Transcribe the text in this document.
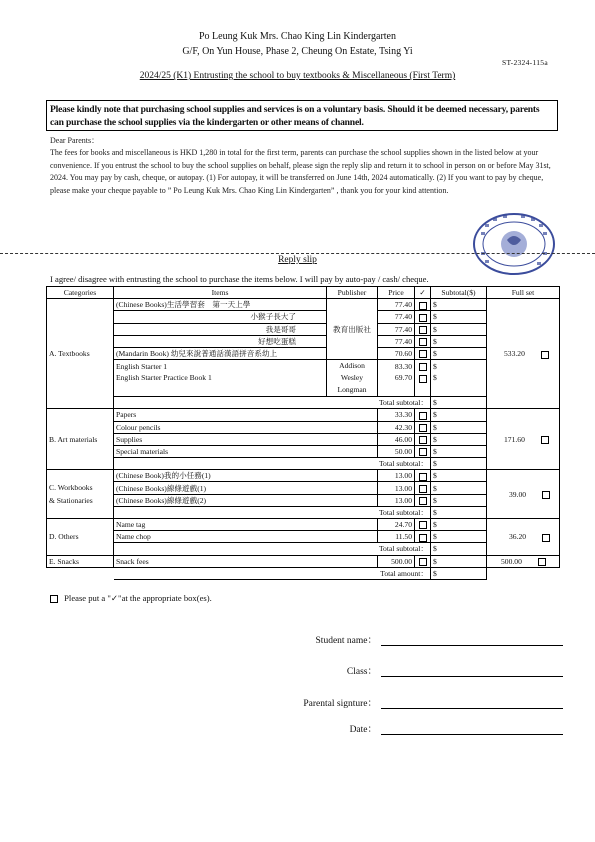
Po Leung Kuk Mrs. Chao King Lin Kindergarten
G/F, On Yun House, Phase 2, Cheung On Estate, Tsing Yi
ST-2324-115a
2024/25 (K1) Entrusting the school to buy textbooks & Miscellaneous (First Term)
Please kindly note that purchasing school supplies and services is on a voluntary basis. Should it be deemed necessary, parents can purchase the school supplies via the kindergarten or other means of channel.

Dear Parents：

The fees for books and miscellaneous is HKD 1,280 in total for the first term, parents can purchase the school supplies shown in the listed below at your convenience. If you entrust the school to buy the school supplies on behalf, please sign the reply slip and return it to school in person on or before May 31st, 2024. You may pay by cash, cheque, or autopay. (1) For autopay, it will be transferred on June 14th, 2024 automatically. (2) If you want to pay by cheque, please make your cheque payable to ” Po Leung Kuk Mrs. Chao King Lin Kindergarten” , thank you for your kind attention.

Reply slip
I agree/ disagree with entrusting the school to purchase the items below. I will pay by auto-pay / cash/ cheque.
Categories	Items	Publisher	Price	✓	Subtotal($)	Full set
A. Textbooks	(Chinese Books)生活學習套　第一天上學	教育出版社	77.40		$	533.20
	小猴子長大了		77.40		$	
	我是哥哥		77.40		$	
	好想吃蛋糕		77.40		$	
	(Mandarin Book) 幼兒來說普通話漢語拼音系幼上		70.60		$	
	English Starter 1	Addison Wesley Longman	83.30		$	
	English Starter Practice Book 1		69.70		$	
	Total subtotal：				$	
B. Art materials	Papers		33.30		$	171.60
	Colour pencils		42.30		$	
	Supplies		46.00		$	
	Special materials		50.00		$	
	Total subtotal：				$	
C. Workbooks
& Stationaries	(Chinese Book)我的小任務(1)		13.00		$	39.00
	(Chinese Books)線條遊戲(1)		13.00		$	
	(Chinese Books)線條遊戲(2)		13.00		$	
	Total subtotal：				$	
D. Others	Name tag		24.70		$	36.20
	Name chop		11.50		$	
	Total subtotal：				$	
E. Snacks	Snack fees		500.00		$	500.00
	Total amount：				$	
Please put a "✓"at the appropriate box(es).
Student name：
Class：
Parental signture：
Date：
